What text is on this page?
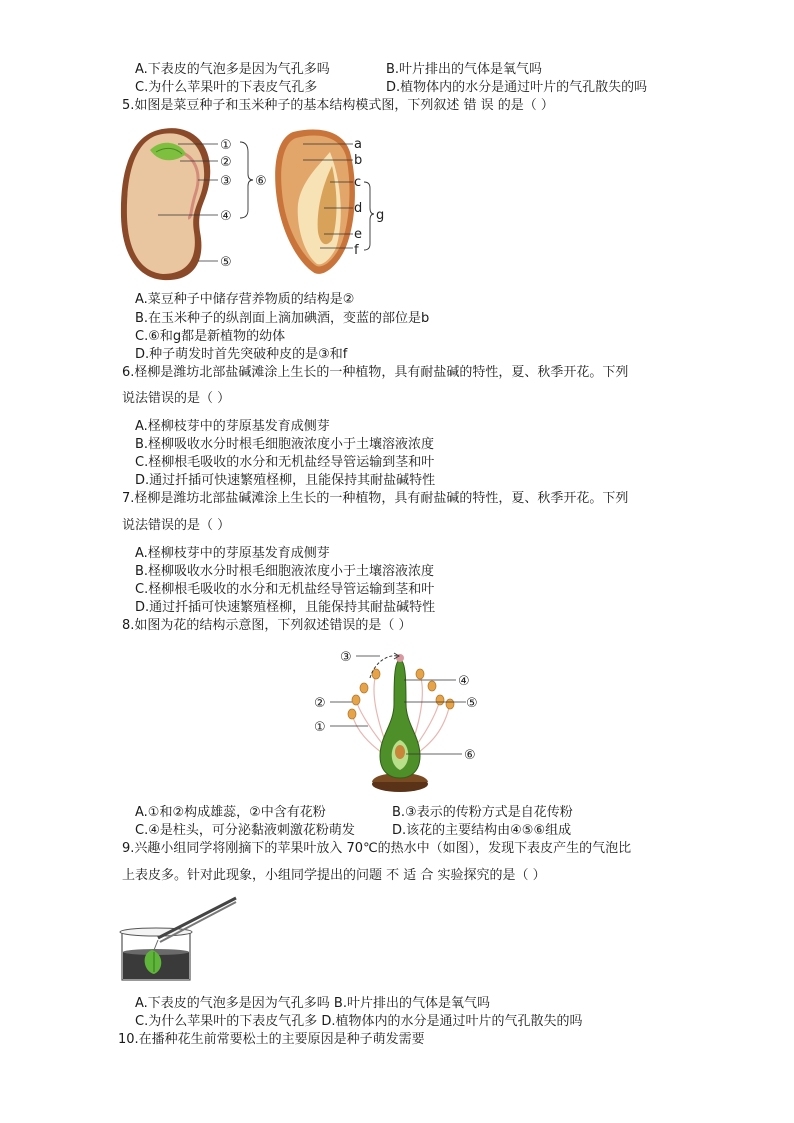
A.下表皮的气泡多是因为气孔多吗	B.叶片排出的气体是氧气吗
C.为什么苹果叶的下表皮气孔多	D.植物体内的水分是通过叶片的气孔散失的吗
5.如图是菜豆种子和玉米种子的基本结构模式图，下列叙述 错 误 的是（ ）
①
②
③
④
⑤
⑥
a
b
c
d
e
f
g
A.菜豆种子中储存营养物质的结构是②
B.在玉米种子的纵剖面上滴加碘酒，变蓝的部位是b
C.⑥和g都是新植物的幼体
D.种子萌发时首先突破种皮的是③和f
6.柽柳是潍坊北部盐碱滩涂上生长的一种植物，具有耐盐碱的特性，夏、秋季开花。下列
说法错误的是（ ）
A.柽柳枝芽中的芽原基发育成侧芽
B.柽柳吸收水分时根毛细胞液浓度小于土壤溶液浓度
C.柽柳根毛吸收的水分和无机盐经导管运输到茎和叶
D.通过扦插可快速繁殖柽柳，且能保持其耐盐碱特性
7.柽柳是潍坊北部盐碱滩涂上生长的一种植物，具有耐盐碱的特性，夏、秋季开花。下列
说法错误的是（ ）
A.柽柳枝芽中的芽原基发育成侧芽
B.柽柳吸收水分时根毛细胞液浓度小于土壤溶液浓度
C.柽柳根毛吸收的水分和无机盐经导管运输到茎和叶
D.通过扦插可快速繁殖柽柳，且能保持其耐盐碱特性
8.如图为花的结构示意图，下列叙述错误的是（ ）
③
④
②	⑤
①
⑥
A.①和②构成雄蕊，②中含有花粉	B.③表示的传粉方式是自花传粉
C.④是柱头，可分泌黏液刺激花粉萌发	D.该花的主要结构由④⑤⑥组成
9.兴趣小组同学将刚摘下的苹果叶放入 70℃的热水中（如图），发现下表皮产生的气泡比
上表皮多。针对此现象，小组同学提出的问题 不 适 合 实验探究的是（ ）
A.下表皮的气泡多是因为气孔多吗 B.叶片排出的气体是氧气吗
C.为什么苹果叶的下表皮气孔多 D.植物体内的水分是通过叶片的气孔散失的吗
10.在播种花生前常要松土的主要原因是种子萌发需要
